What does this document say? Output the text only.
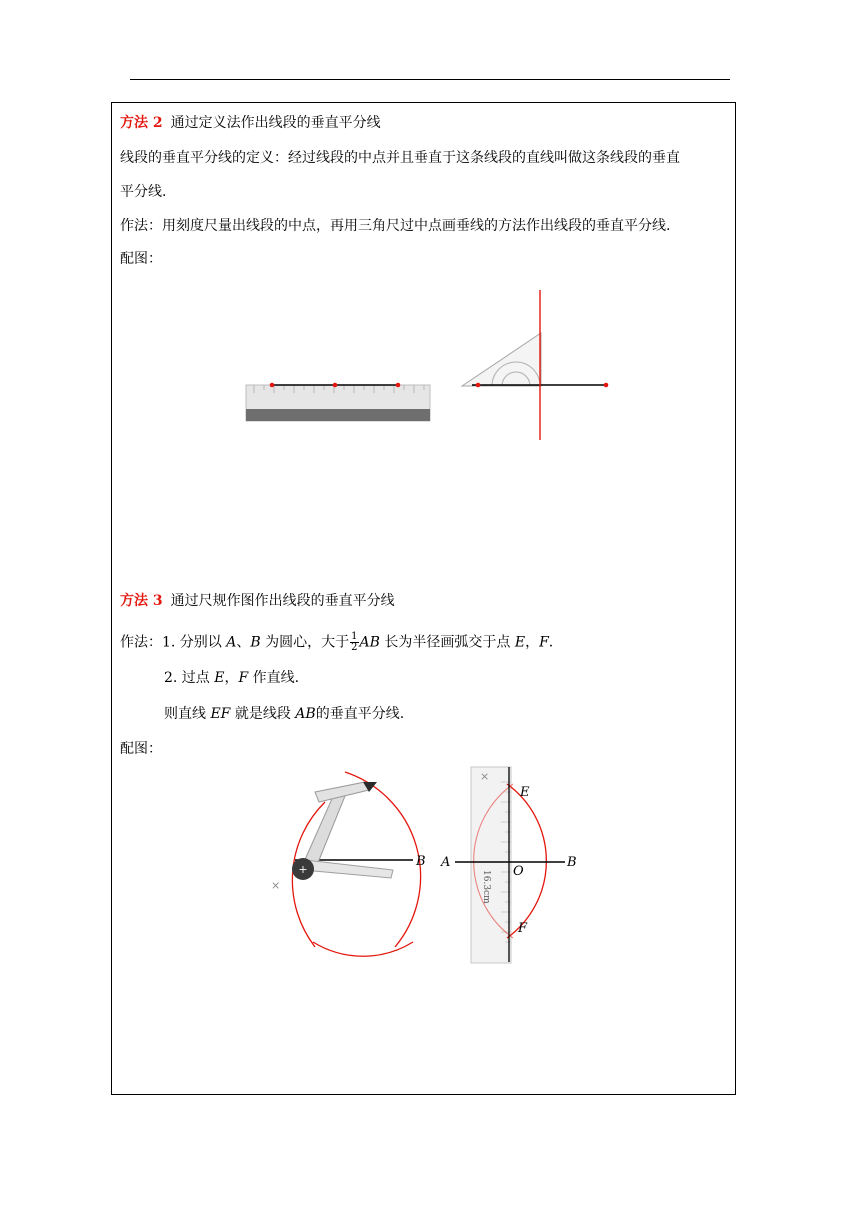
方法 2 通过定义法作出线段的垂直平分线
线段的垂直平分线的定义：经过线段的中点并且垂直于这条线段的直线叫做这条线段的垂直
平分线.
作法：用刻度尺量出线段的中点，再用三角尺过中点画垂线的方法作出线段的垂直平分线.
配图：
方法 3 通过尺规作图作出线段的垂直平分线
作法：1. 分别以 A、B 为圆心，大于 $\frac{1}{2}$ AB 长为半径画弧交于点 E，F.
2. 过点 E，F 作直线.
则直线 EF 就是线段 AB的垂直平分线.
配图：
+
×
B
×
16.3cm
A	B
O
E
F
